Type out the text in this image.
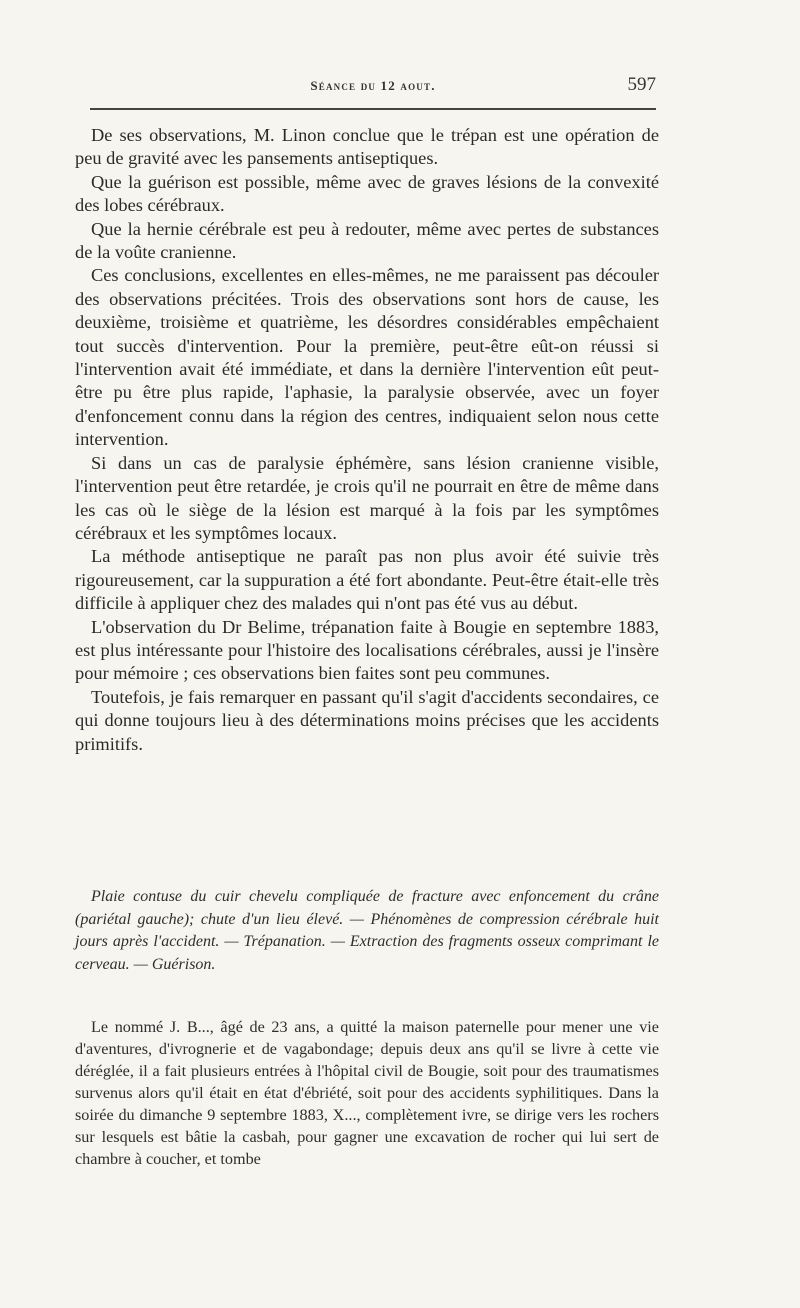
Séance du 12 aout.	597

De ses observations, M. Linon conclue que le trépan est une opération de peu de gravité avec les pansements antiseptiques.

Que la guérison est possible, même avec de graves lésions de la convexité des lobes cérébraux.

Que la hernie cérébrale est peu à redouter, même avec pertes de substances de la voûte cranienne.

Ces conclusions, excellentes en elles-mêmes, ne me paraissent pas découler des observations précitées. Trois des observations sont hors de cause, les deuxième, troisième et quatrième, les désordres considérables empêchaient tout succès d'intervention. Pour la première, peut-être eût-on réussi si l'intervention avait été immédiate, et dans la dernière l'intervention eût peut-être pu être plus rapide, l'aphasie, la paralysie observée, avec un foyer d'enfoncement connu dans la région des centres, indiquaient selon nous cette intervention.

Si dans un cas de paralysie éphémère, sans lésion cranienne visible, l'intervention peut être retardée, je crois qu'il ne pourrait en être de même dans les cas où le siège de la lésion est marqué à la fois par les symptômes cérébraux et les symptômes locaux.

La méthode antiseptique ne paraît pas non plus avoir été suivie très rigoureusement, car la suppuration a été fort abondante. Peut-être était-elle très difficile à appliquer chez des malades qui n'ont pas été vus au début.

L'observation du Dr Belime, trépanation faite à Bougie en septembre 1883, est plus intéressante pour l'histoire des localisations cérébrales, aussi je l'insère pour mémoire ; ces observations bien faites sont peu communes.

Toutefois, je fais remarquer en passant qu'il s'agit d'accidents secondaires, ce qui donne toujours lieu à des déterminations moins précises que les accidents primitifs.

Plaie contuse du cuir chevelu compliquée de fracture avec enfoncement du crâne (pariétal gauche); chute d'un lieu élevé. — Phénomènes de compression cérébrale huit jours après l'accident. — Trépanation. — Extraction des fragments osseux comprimant le cerveau. — Guérison.

Le nommé J. B..., âgé de 23 ans, a quitté la maison paternelle pour mener une vie d'aventures, d'ivrognerie et de vagabondage; depuis deux ans qu'il se livre à cette vie déréglée, il a fait plusieurs entrées à l'hôpital civil de Bougie, soit pour des traumatismes survenus alors qu'il était en état d'ébriété, soit pour des accidents syphilitiques. Dans la soirée du dimanche 9 septembre 1883, X..., complètement ivre, se dirige vers les rochers sur lesquels est bâtie la casbah, pour gagner une excavation de rocher qui lui sert de chambre à coucher, et tombe
